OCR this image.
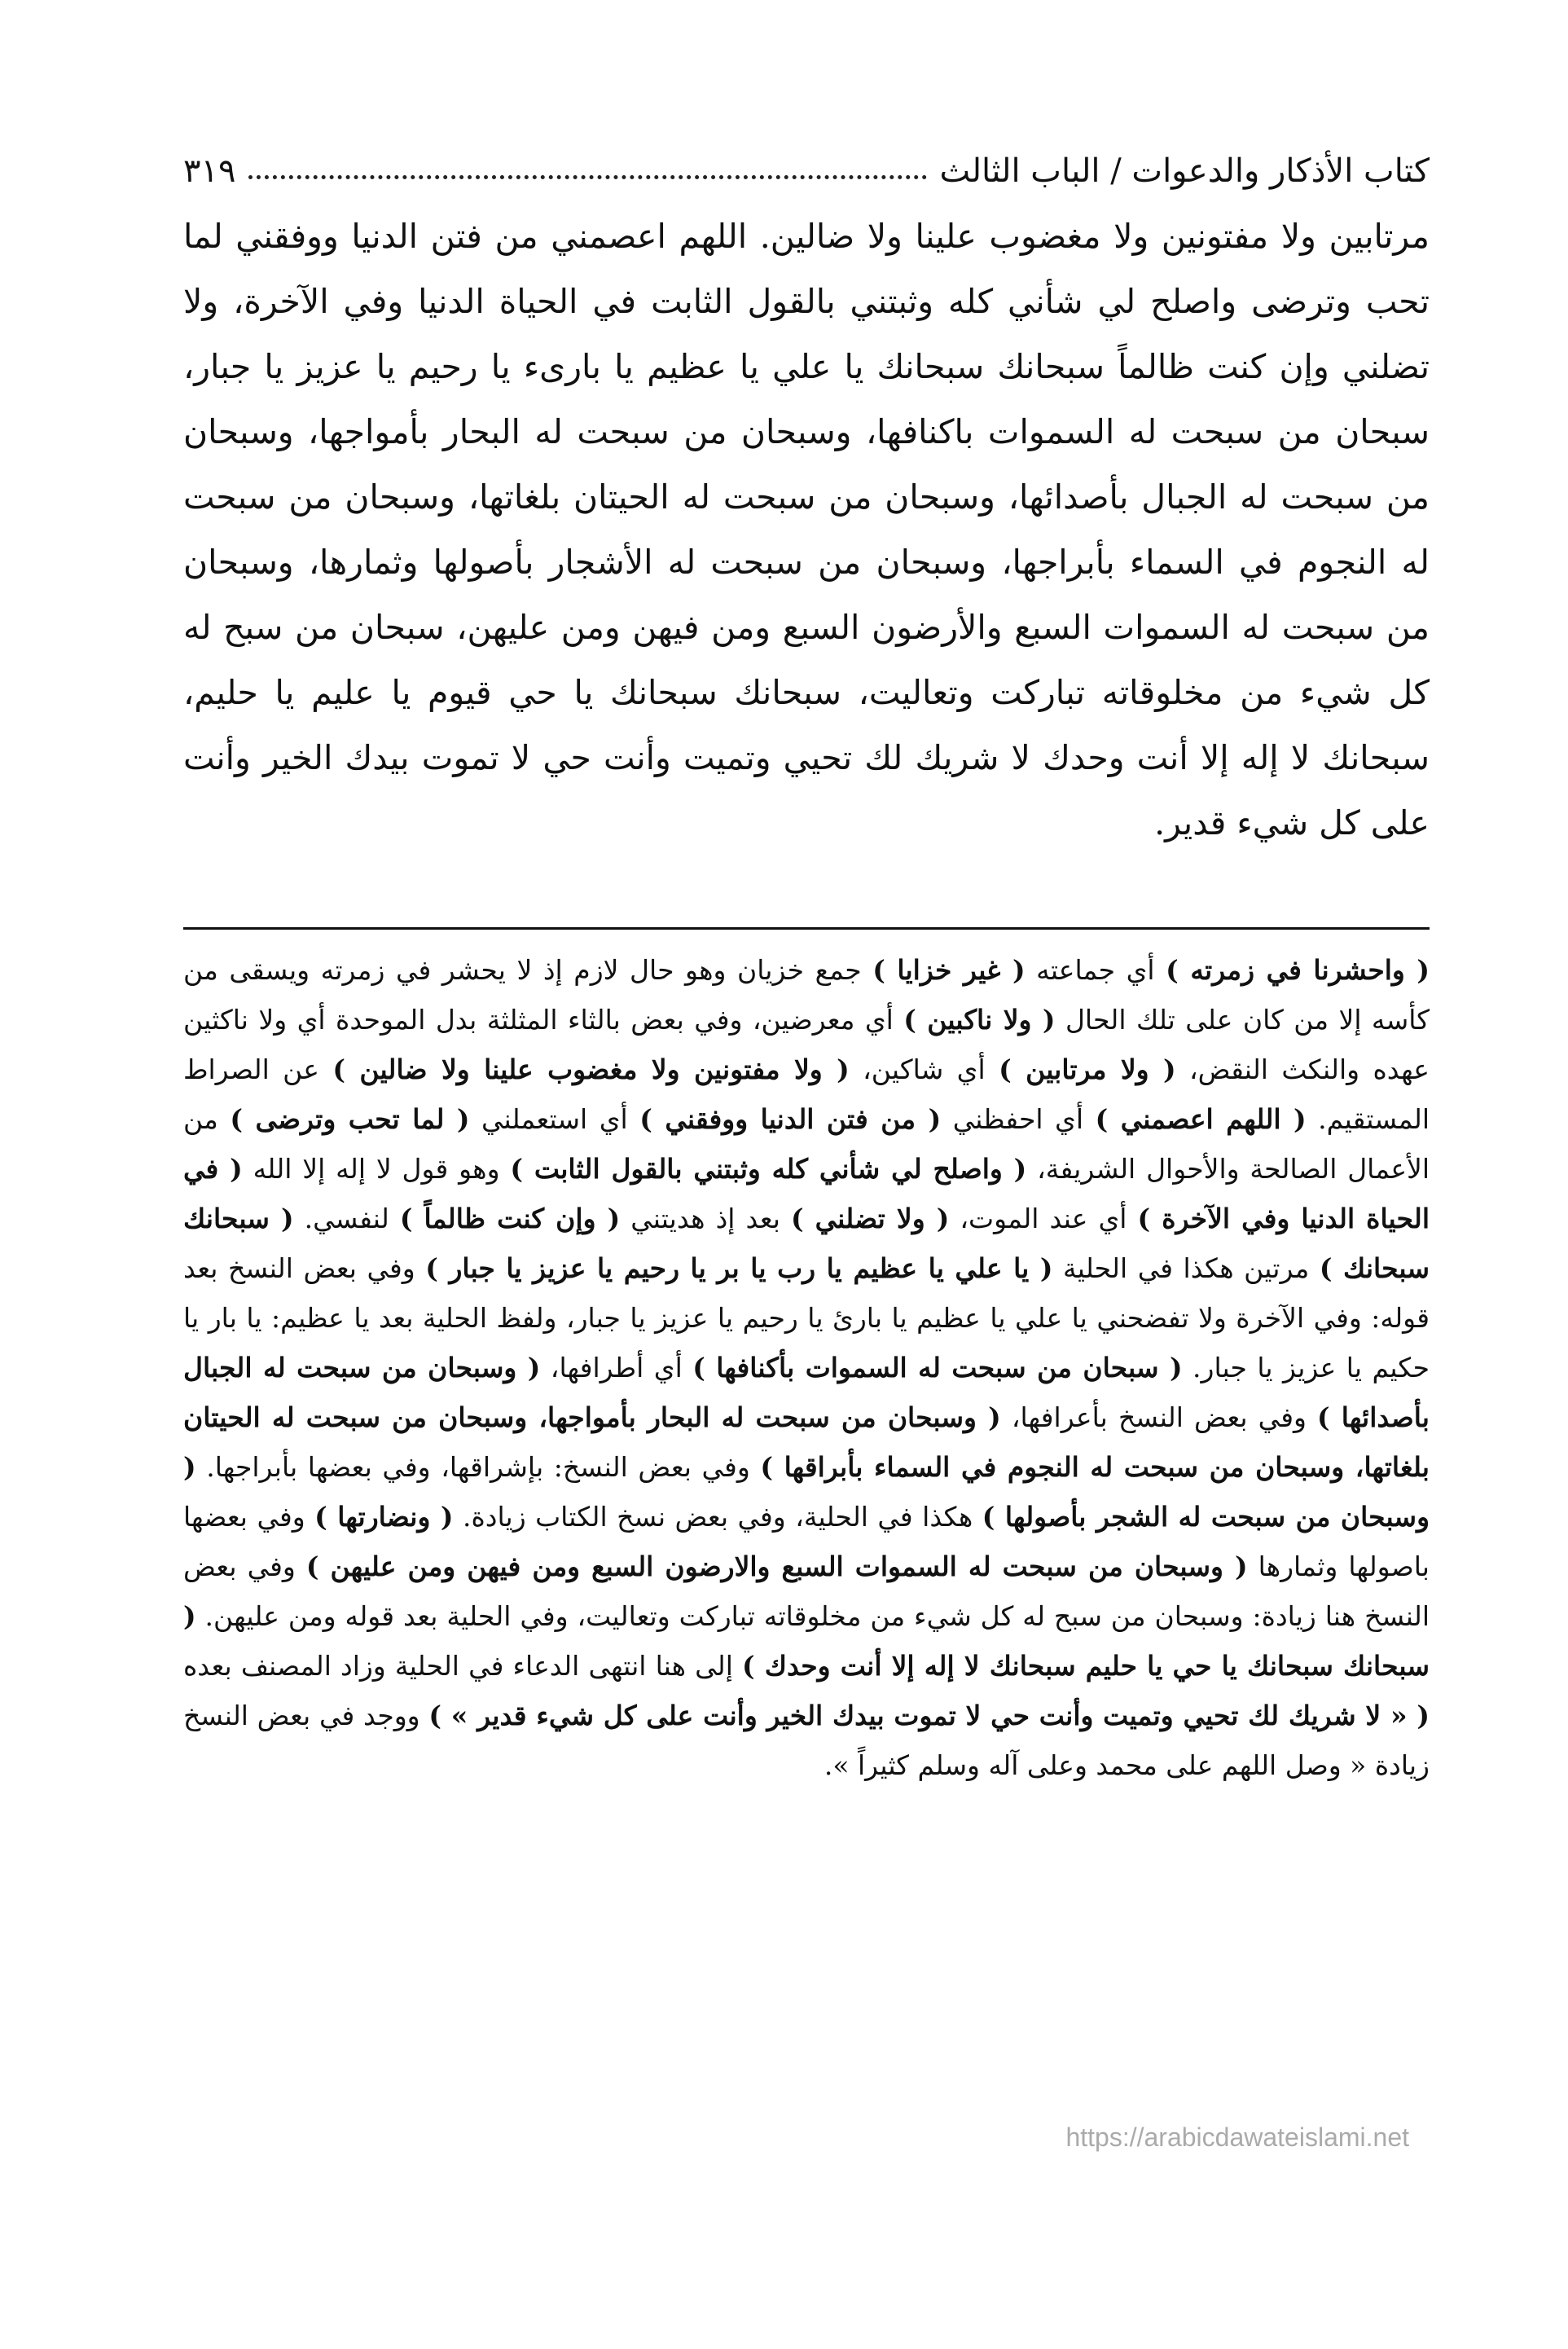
كتاب الأذكار والدعوات / الباب الثالث
٣١٩

مرتابين ولا مفتونين ولا مغضوب علينا ولا ضالين. اللهم اعصمني من فتن الدنيا ووفقني لما تحب وترضى واصلح لي شأني كله وثبتني بالقول الثابت في الحياة الدنيا وفي الآخرة، ولا تضلني وإن كنت ظالماً سبحانك سبحانك يا علي يا عظيم يا بارىء يا رحيم يا عزيز يا جبار، سبحان من سبحت له السموات باكنافها، وسبحان من سبحت له البحار بأمواجها، وسبحان من سبحت له الجبال بأصدائها، وسبحان من سبحت له الحيتان بلغاتها، وسبحان من سبحت له النجوم في السماء بأبراجها، وسبحان من سبحت له الأشجار بأصولها وثمارها، وسبحان من سبحت له السموات السبع والأرضون السبع ومن فيهن ومن عليهن، سبحان من سبح له كل شيء من مخلوقاته تباركت وتعاليت، سبحانك سبحانك يا حي قيوم يا عليم يا حليم، سبحانك لا إله إلا أنت وحدك لا شريك لك تحيي وتميت وأنت حي لا تموت بيدك الخير وأنت على كل شيء قدير.

( واحشرنا في زمرته ) أي جماعته ( غير خزايا ) جمع خزيان وهو حال لازم إذ لا يحشر في زمرته ويسقى من كأسه إلا من كان على تلك الحال ( ولا ناكبين ) أي معرضين، وفي بعض بالثاء المثلثة بدل الموحدة أي ولا ناكثين عهده والنكث النقض، ( ولا مرتابين ) أي شاكين، ( ولا مفتونين ولا مغضوب علينا ولا ضالين ) عن الصراط المستقيم. ( اللهم اعصمني ) أي احفظني ( من فتن الدنيا ووفقني ) أي استعملني ( لما تحب وترضى ) من الأعمال الصالحة والأحوال الشريفة، ( واصلح لي شأني كله وثبتني بالقول الثابت ) وهو قول لا إله إلا الله ( في الحياة الدنيا وفي الآخرة ) أي عند الموت، ( ولا تضلني ) بعد إذ هديتني ( وإن كنت ظالماً ) لنفسي. ( سبحانك سبحانك ) مرتين هكذا في الحلية ( يا علي يا عظيم يا رب يا بر يا رحيم يا عزيز يا جبار ) وفي بعض النسخ بعد قوله: وفي الآخرة ولا تفضحني يا علي يا عظيم يا بارئ يا رحيم يا عزيز يا جبار، ولفظ الحلية بعد يا عظيم: يا بار يا حكيم يا عزيز يا جبار. ( سبحان من سبحت له السموات بأكنافها ) أي أطرافها، ( وسبحان من سبحت له الجبال بأصدائها ) وفي بعض النسخ بأعرافها، ( وسبحان من سبحت له البحار بأمواجها، وسبحان من سبحت له الحيتان بلغاتها، وسبحان من سبحت له النجوم في السماء بأبراقها ) وفي بعض النسخ: بإشراقها، وفي بعضها بأبراجها. ( وسبحان من سبحت له الشجر بأصولها ) هكذا في الحلية، وفي بعض نسخ الكتاب زيادة. ( ونضارتها ) وفي بعضها باصولها وثمارها ( وسبحان من سبحت له السموات السبع والارضون السبع ومن فيهن ومن عليهن ) وفي بعض النسخ هنا زيادة: وسبحان من سبح له كل شيء من مخلوقاته تباركت وتعاليت، وفي الحلية بعد قوله ومن عليهن. ( سبحانك سبحانك يا حي يا حليم سبحانك لا إله إلا أنت وحدك ) إلى هنا انتهى الدعاء في الحلية وزاد المصنف بعده ( « لا شريك لك تحيي وتميت وأنت حي لا تموت بيدك الخير وأنت على كل شيء قدير » ) ووجد في بعض النسخ زيادة « وصل اللهم على محمد وعلى آله وسلم كثيراً ».

https://arabicdawateislami.net
